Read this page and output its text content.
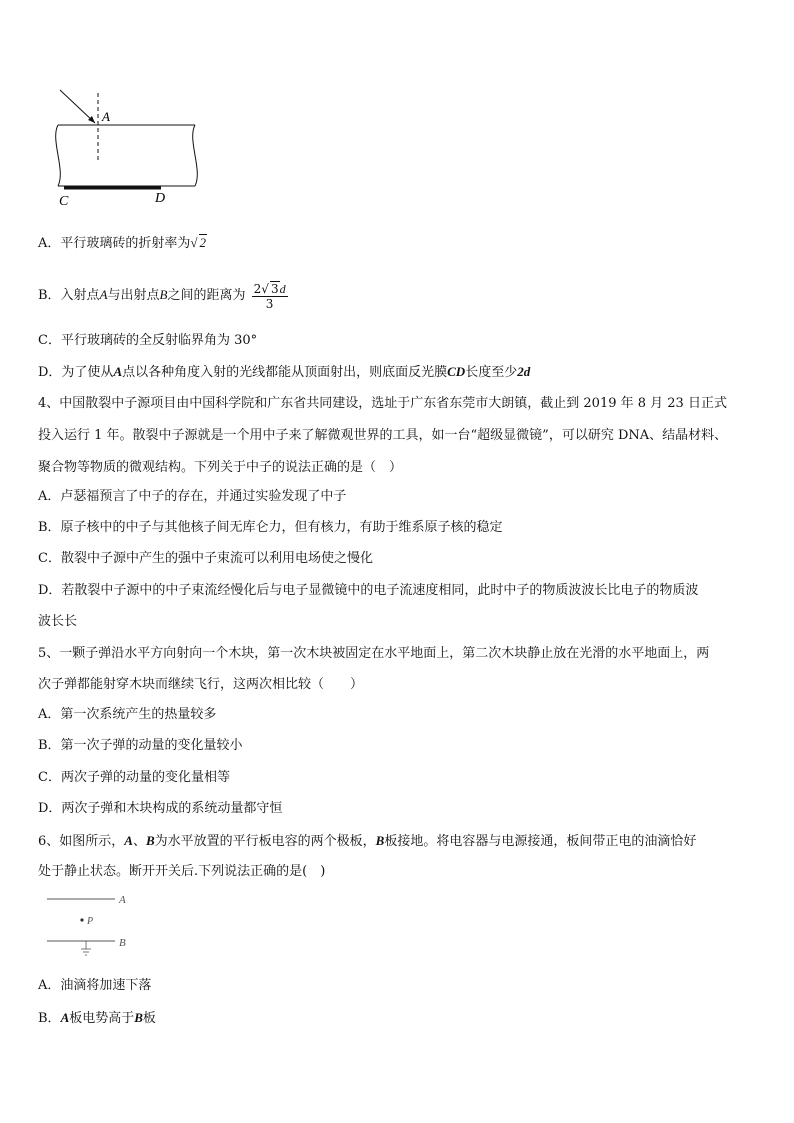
A
C	D
A．平行玻璃砖的折射率为√ 2
B．入射点A与出射点B之间的距离为 $\frac{2√ 3d}{3}$
C．平行玻璃砖的全反射临界角为 30°
D．为了使从A点以各种角度入射的光线都能从顶面射出，则底面反光膜CD长度至少2d
4、中国散裂中子源项目由中国科学院和广东省共同建设，选址于广东省东莞市大朗镇，截止到 2019 年 8 月 23 日正式
投入运行 1 年。散裂中子源就是一个用中子来了解微观世界的工具，如一台“超级显微镜”，可以研究 DNA、结晶材料、
聚合物等物质的微观结构。下列关于中子的说法正确的是（　）
A．卢瑟福预言了中子的存在，并通过实验发现了中子
B．原子核中的中子与其他核子间无库仑力，但有核力，有助于维系原子核的稳定
C．散裂中子源中产生的强中子束流可以利用电场使之慢化
D．若散裂中子源中的中子束流经慢化后与电子显微镜中的电子流速度相同，此时中子的物质波波长比电子的物质波
波长长
5、一颗子弹沿水平方向射向一个木块，第一次木块被固定在水平地面上，第二次木块静止放在光滑的水平地面上，两
次子弹都能射穿木块而继续飞行，这两次相比较（　　）
A．第一次系统产生的热量较多
B．第一次子弹的动量的变化量较小
C．两次子弹的动量的变化量相等
D．两次子弹和木块构成的系统动量都守恒
6、如图所示，A、B为水平放置的平行板电容的两个极板，B板接地。将电容器与电源接通，板间带正电的油滴恰好
处于静止状态。断开开关后.下列说法正确的是(　)
A
P
B
A．油滴将加速下落
B．A板电势高于B板
